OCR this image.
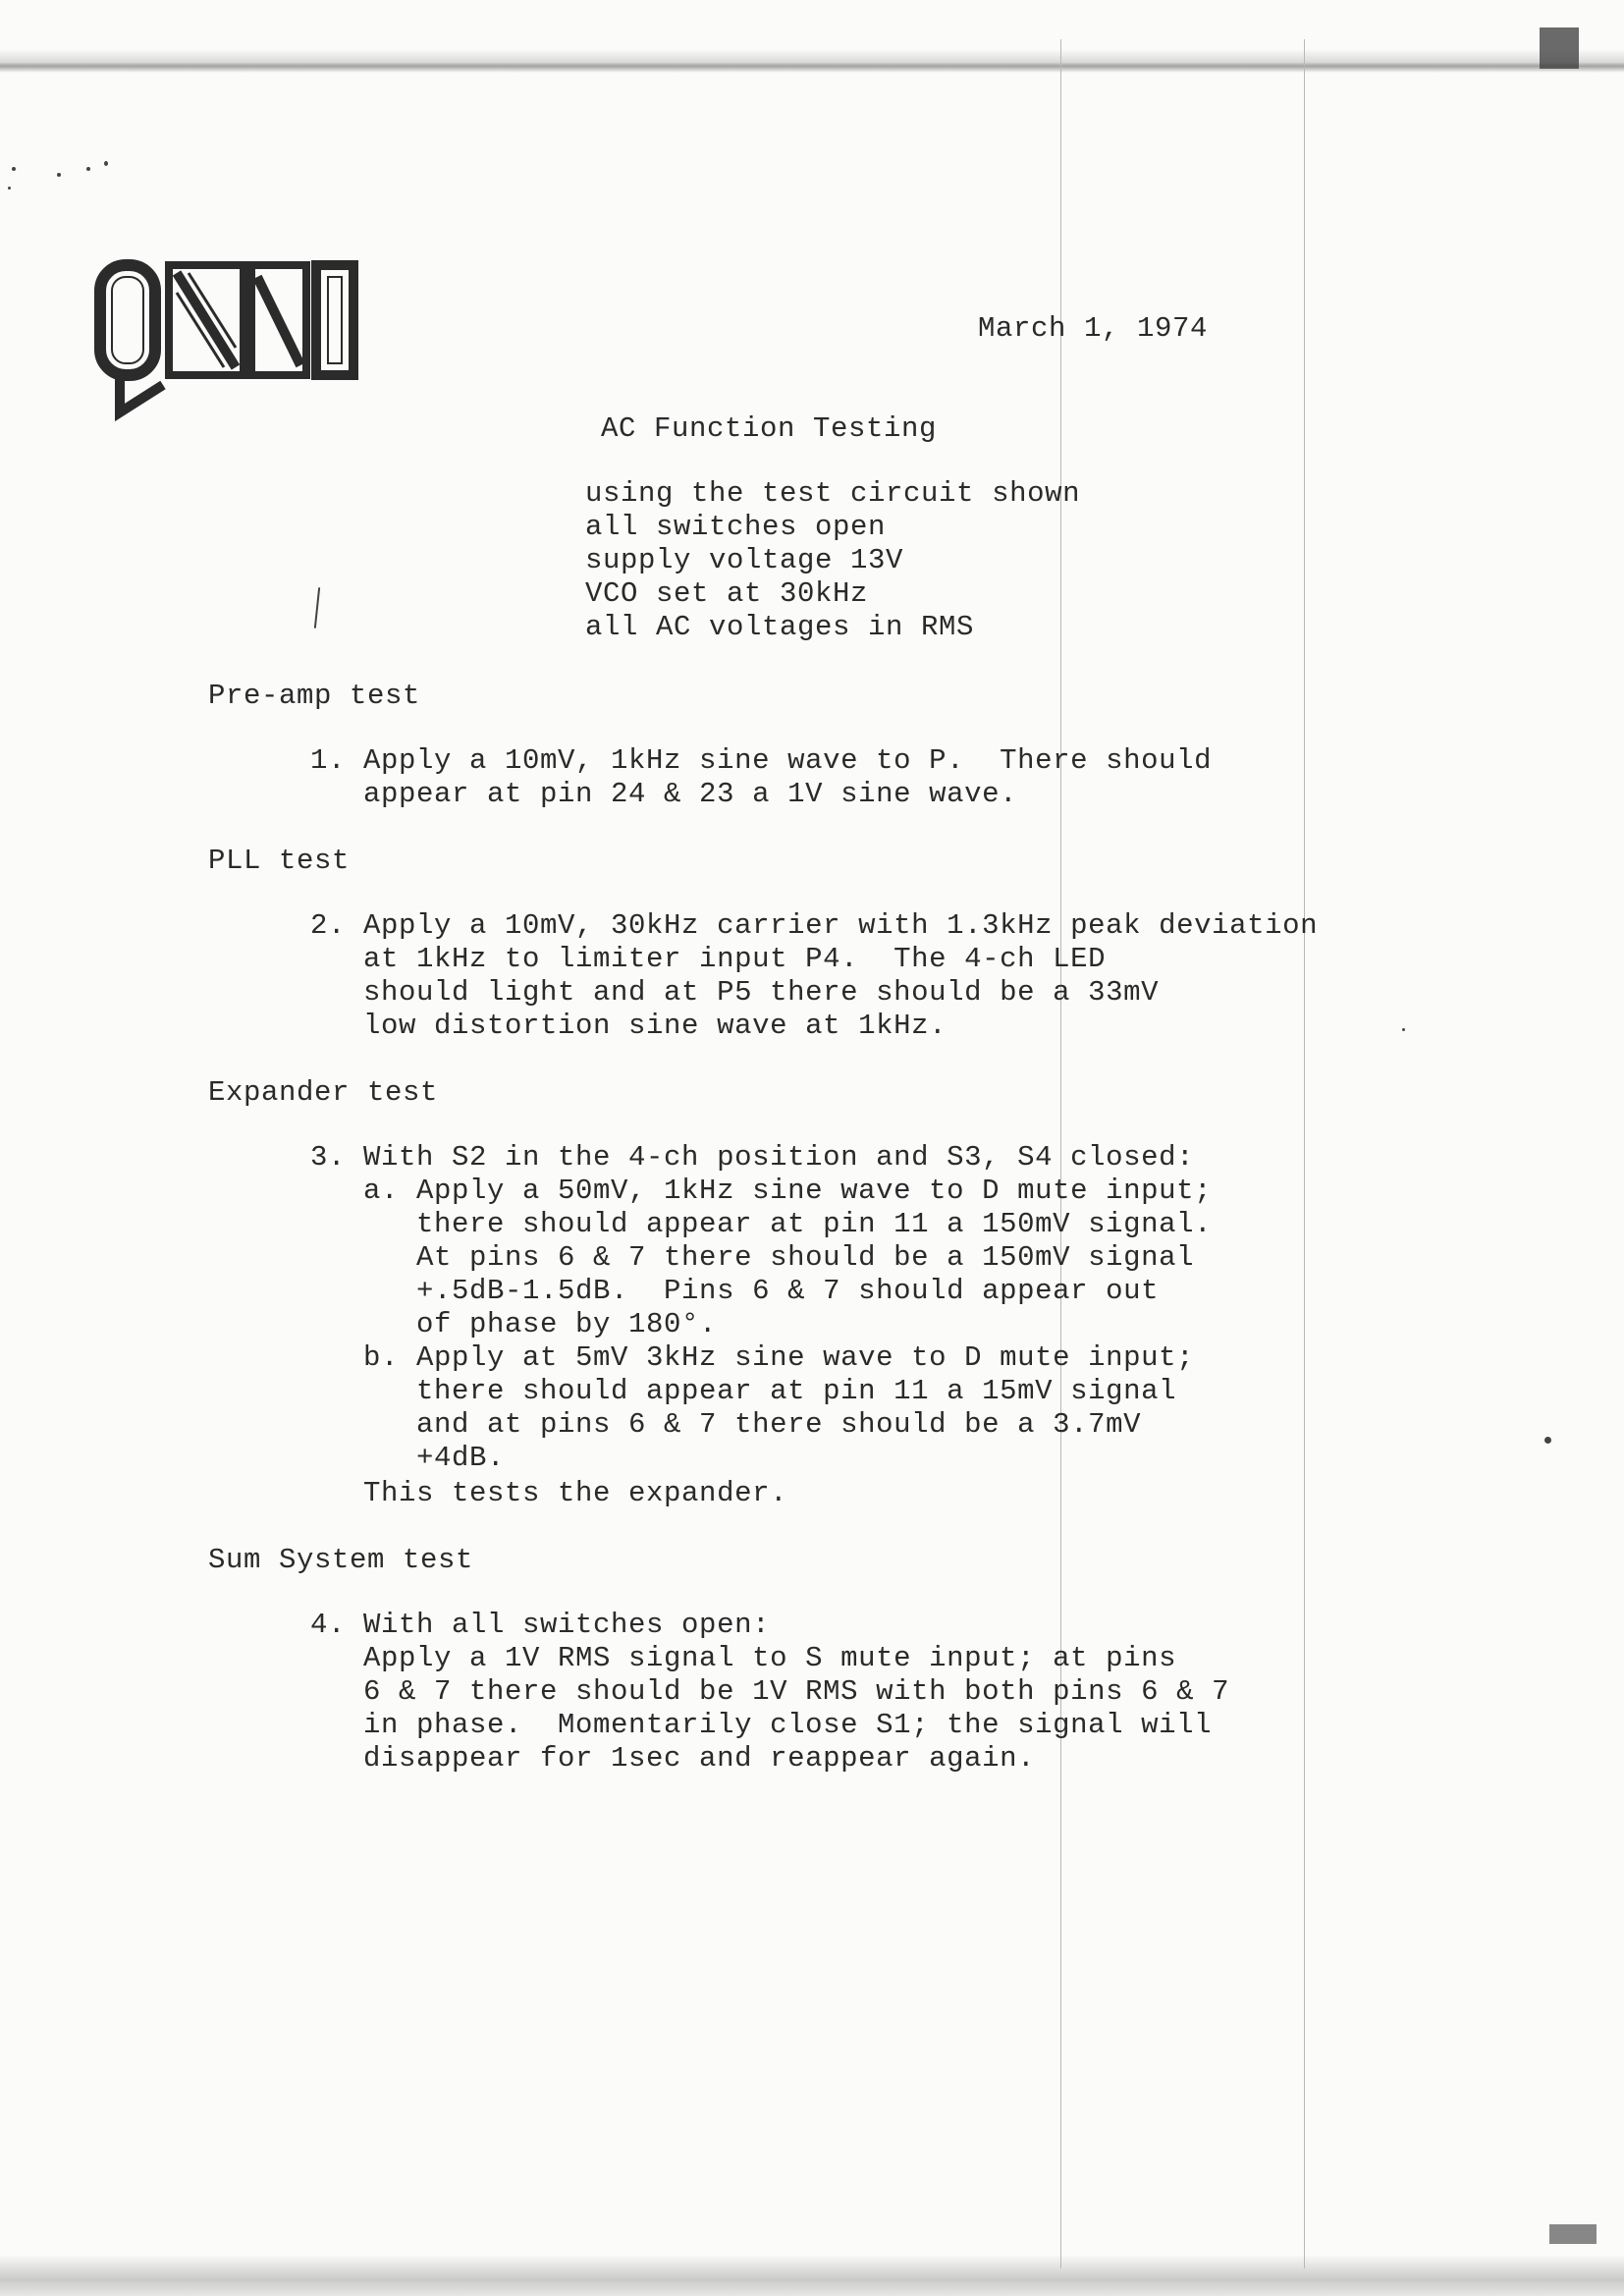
March 1, 1974
AC Function Testing
using the test circuit shown
all switches open
supply voltage 13V
VCO set at 30kHz
all AC voltages in RMS
Pre-amp test
1. Apply a 10mV, 1kHz sine wave to P.  There should
appear at pin 24 & 23 a 1V sine wave.
PLL test
2. Apply a 10mV, 30kHz carrier with 1.3kHz peak deviation
at 1kHz to limiter input P4.  The 4-ch LED
should light and at P5 there should be a 33mV
low distortion sine wave at 1kHz.
Expander test
3. With S2 in the 4-ch position and S3, S4 closed:
a. Apply a 50mV, 1kHz sine wave to D mute input;
there should appear at pin 11 a 150mV signal.
At pins 6 & 7 there should be a 150mV signal
+.5dB-1.5dB.  Pins 6 & 7 should appear out
of phase by 180°.
b. Apply at 5mV 3kHz sine wave to D mute input;
there should appear at pin 11 a 15mV signal
and at pins 6 & 7 there should be a 3.7mV
+4dB.
This tests the expander.
Sum System test
4. With all switches open:
Apply a 1V RMS signal to S mute input; at pins
6 & 7 there should be 1V RMS with both pins 6 & 7
in phase.  Momentarily close S1; the signal will
disappear for 1sec and reappear again.
